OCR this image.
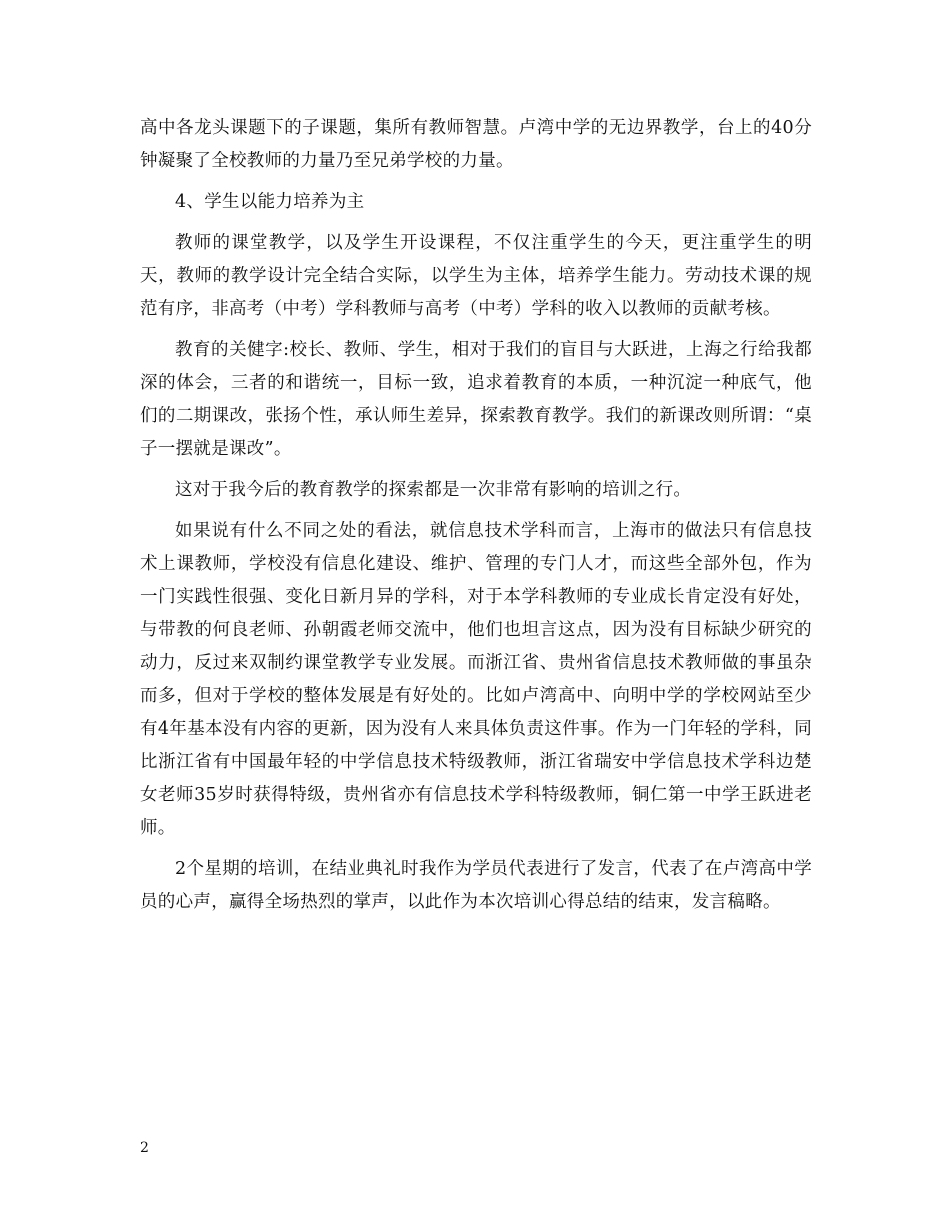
高中各龙头课题下的子课题，集所有教师智慧。卢湾中学的无边界教学，台上的40分钟凝聚了全校教师的力量乃至兄弟学校的力量。

4、学生以能力培养为主

教师的课堂教学，以及学生开设课程，不仅注重学生的今天，更注重学生的明天，教师的教学设计完全结合实际，以学生为主体，培养学生能力。劳动技术课的规范有序，非高考（中考）学科教师与高考（中考）学科的收入以教师的贡献考核。

教育的关健字:校长、教师、学生，相对于我们的盲目与大跃进，上海之行给我都深的体会，三者的和谐统一，目标一致，追求着教育的本质，一种沉淀一种底气，他们的二期课改，张扬个性，承认师生差异，探索教育教学。我们的新课改则所谓：“桌子一摆就是课改”。

这对于我今后的教育教学的探索都是一次非常有影响的培训之行。

如果说有什么不同之处的看法，就信息技术学科而言，上海市的做法只有信息技术上课教师，学校没有信息化建设、维护、管理的专门人才，而这些全部外包，作为一门实践性很强、变化日新月异的学科，对于本学科教师的专业成长肯定没有好处，与带教的何良老师、孙朝霞老师交流中，他们也坦言这点，因为没有目标缺少研究的动力，反过来双制约课堂教学专业发展。而浙江省、贵州省信息技术教师做的事虽杂而多，但对于学校的整体发展是有好处的。比如卢湾高中、向明中学的学校网站至少有4年基本没有内容的更新，因为没有人来具体负责这件事。作为一门年轻的学科，同比浙江省有中国最年轻的中学信息技术特级教师，浙江省瑞安中学信息技术学科边楚女老师35岁时获得特级，贵州省亦有信息技术学科特级教师，铜仁第一中学王跃进老师。

2个星期的培训，在结业典礼时我作为学员代表进行了发言，代表了在卢湾高中学员的心声，赢得全场热烈的掌声，以此作为本次培训心得总结的结束，发言稿略。

2
